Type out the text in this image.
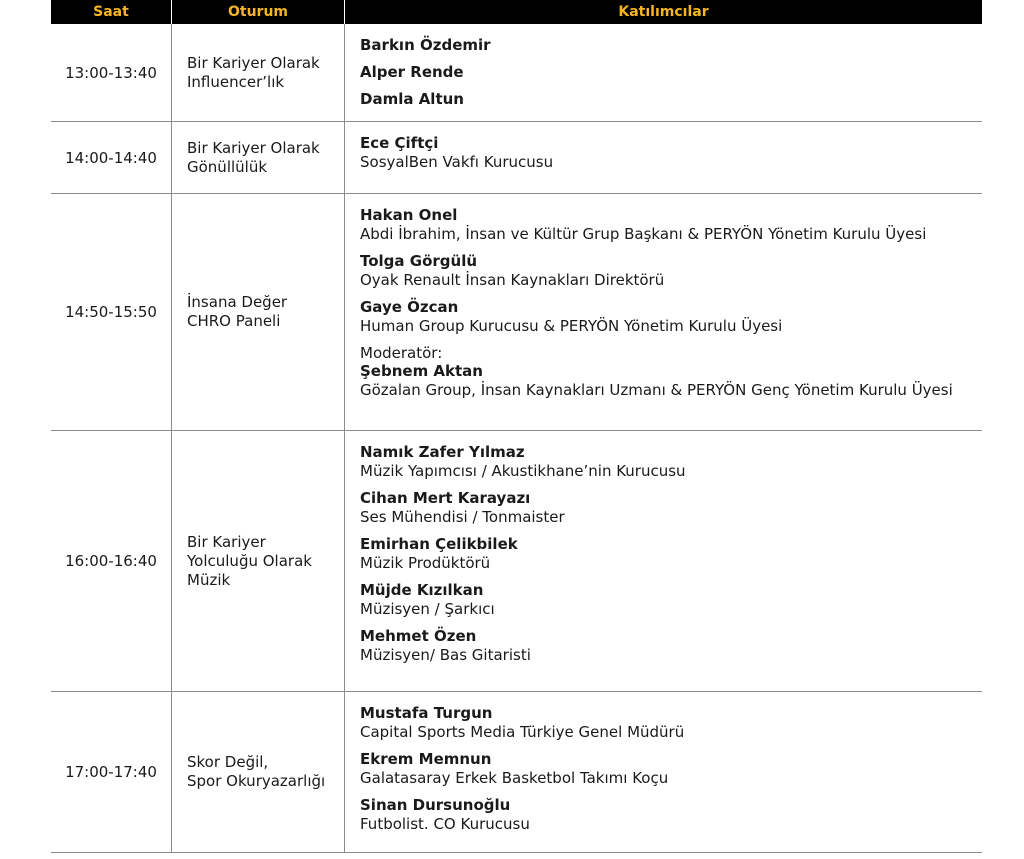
Saat	Oturum	Katılımcılar
13:00-13:40
Bir Kariyer Olarak
Influencer’lık
Barkın Özdemir
Alper Rende
Damla Altun
14:00-14:40
Bir Kariyer Olarak
Gönüllülük
Ece Çiftçi
SosyalBen Vakfı Kurucusu
14:50-15:50
İnsana Değer
CHRO Paneli
Hakan Onel
Abdi İbrahim, İnsan ve Kültür Grup Başkanı & PERYÖN Yönetim Kurulu Üyesi
Tolga Görgülü
Oyak Renault İnsan Kaynakları Direktörü
Gaye Özcan
Human Group Kurucusu & PERYÖN Yönetim Kurulu Üyesi
Moderatör:
Şebnem Aktan
Gözalan Group, İnsan Kaynakları Uzmanı & PERYÖN Genç Yönetim Kurulu Üyesi
16:00-16:40
Bir Kariyer
Yolculuğu Olarak
Müzik
Namık Zafer Yılmaz
Müzik Yapımcısı / Akustikhane’nin Kurucusu
Cihan Mert Karayazı
Ses Mühendisi / Tonmaister
Emirhan Çelikbilek
Müzik Prodüktörü
Müjde Kızılkan
Müzisyen / Şarkıcı
Mehmet Özen
Müzisyen/ Bas Gitaristi
17:00-17:40
Skor Değil,
Spor Okuryazarlığı
Mustafa Turgun
Capital Sports Media Türkiye Genel Müdürü
Ekrem Memnun
Galatasaray Erkek Basketbol Takımı Koçu
Sinan Dursunoğlu
Futbolist. CO Kurucusu
